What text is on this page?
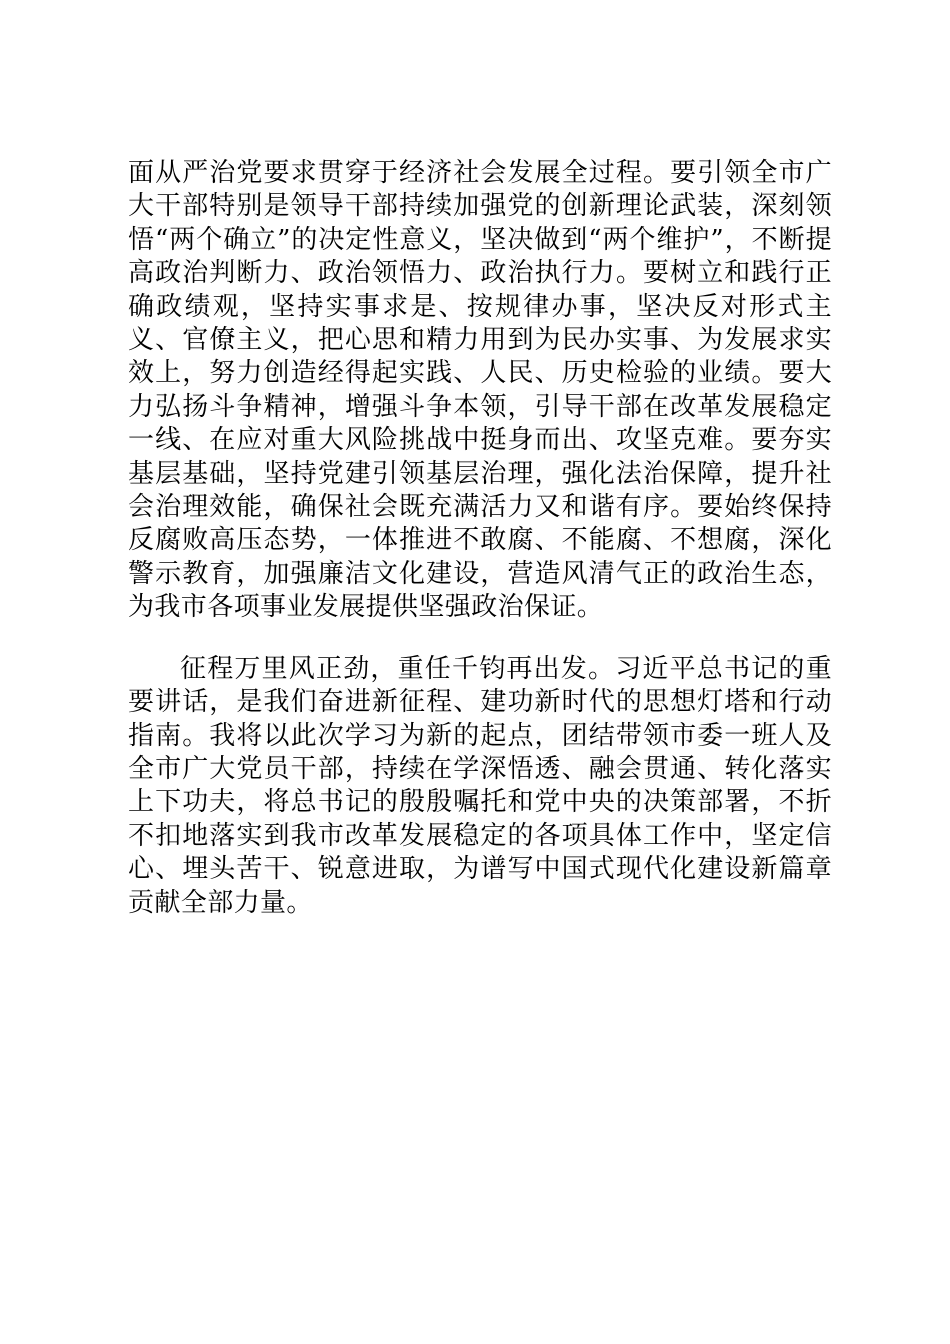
面从严治党要求贯穿于经济社会发展全过程。要引领全市广大干部特别是领导干部持续加强党的创新理论武装，深刻领悟“两个确立”的决定性意义，坚决做到“两个维护”，不断提高政治判断力、政治领悟力、政治执行力。要树立和践行正确政绩观，坚持实事求是、按规律办事，坚决反对形式主义、官僚主义，把心思和精力用到为民办实事、为发展求实效上，努力创造经得起实践、人民、历史检验的业绩。要大力弘扬斗争精神，增强斗争本领，引导干部在改革发展稳定一线、在应对重大风险挑战中挺身而出、攻坚克难。要夯实基层基础，坚持党建引领基层治理，强化法治保障，提升社会治理效能，确保社会既充满活力又和谐有序。要始终保持反腐败高压态势，一体推进不敢腐、不能腐、不想腐，深化警示教育，加强廉洁文化建设，营造风清气正的政治生态，为我市各项事业发展提供坚强政治保证。

征程万里风正劲，重任千钧再出发。习近平总书记的重要讲话，是我们奋进新征程、建功新时代的思想灯塔和行动指南。我将以此次学习为新的起点，团结带领市委一班人及全市广大党员干部，持续在学深悟透、融会贯通、转化落实上下功夫，将总书记的殷殷嘱托和党中央的决策部署，不折不扣地落实到我市改革发展稳定的各项具体工作中，坚定信心、埋头苦干、锐意进取，为谱写中国式现代化建设新篇章贡献全部力量。
